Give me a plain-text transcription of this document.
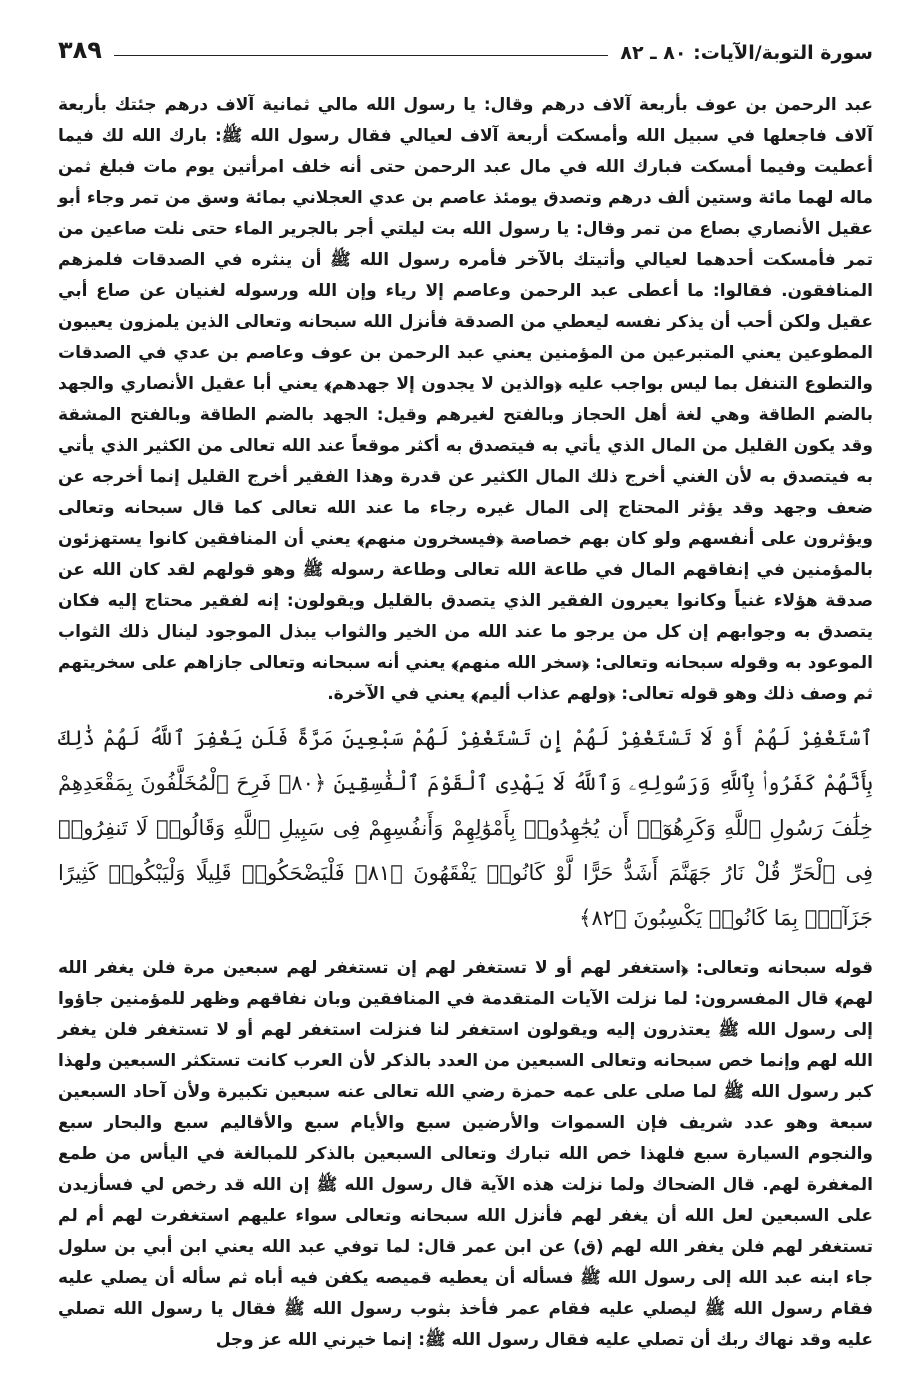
سورة التوبة/الآيات: ٨٠ ـ ٨٢
٣٨٩

عبد الرحمن بن عوف بأربعة آلاف درهم وقال: يا رسول الله مالي ثمانية آلاف درهم جئتك بأربعة آلاف فاجعلها في سبيل الله وأمسكت أربعة آلاف لعيالي فقال رسول الله ﷺ: بارك الله لك فيما أعطيت وفيما أمسكت فبارك الله في مال عبد الرحمن حتى أنه خلف امرأتين يوم مات فبلغ ثمن ماله لهما مائة وستين ألف درهم وتصدق يومئذ عاصم بن عدي العجلاني بمائة وسق من تمر وجاء أبو عقيل الأنصاري بصاع من تمر وقال: يا رسول الله بت ليلتي أجر بالجرير الماء حتى نلت صاعين من تمر فأمسكت أحدهما لعيالي وأتيتك بالآخر فأمره رسول الله ﷺ أن ينثره في الصدقات فلمزهم المنافقون. فقالوا: ما أعطى عبد الرحمن وعاصم إلا رياء وإن الله ورسوله لغنيان عن صاع أبي عقيل ولكن أحب أن يذكر نفسه ليعطي من الصدقة فأنزل الله سبحانه وتعالى الذين يلمزون يعيبون المطوعين يعني المتبرعين من المؤمنين يعني عبد الرحمن بن عوف وعاصم بن عدي في الصدقات والتطوع التنفل بما ليس بواجب عليه ﴿والذين لا يجدون إلا جهدهم﴾ يعني أبا عقيل الأنصاري والجهد بالضم الطاقة وهي لغة أهل الحجاز وبالفتح لغيرهم وقيل: الجهد بالضم الطاقة وبالفتح المشقة وقد يكون القليل من المال الذي يأتي به فيتصدق به أكثر موقعاً عند الله تعالى من الكثير الذي يأتي به فيتصدق به لأن الغني أخرج ذلك المال الكثير عن قدرة وهذا الفقير أخرج القليل إنما أخرجه عن ضعف وجهد وقد يؤثر المحتاج إلى المال غيره رجاء ما عند الله تعالى كما قال سبحانه وتعالى ويؤثرون على أنفسهم ولو كان بهم خصاصة ﴿فيسخرون منهم﴾ يعني أن المنافقين كانوا يستهزئون بالمؤمنين في إنفاقهم المال في طاعة الله تعالى وطاعة رسوله ﷺ وهو قولهم لقد كان الله عن صدقة هؤلاء غنياً وكانوا يعيرون الفقير الذي يتصدق بالقليل ويقولون: إنه لفقير محتاج إليه فكان يتصدق به وجوابهم إن كل من يرجو ما عند الله من الخير والثواب يبذل الموجود لينال ذلك الثواب الموعود به وقوله سبحانه وتعالى: ﴿سخر الله منهم﴾ يعني أنه سبحانه وتعالى جازاهم على سخريتهم ثم وصف ذلك وهو قوله تعالى: ﴿ولهم عذاب أليم﴾ يعني في الآخرة.

ٱسْتَغْفِرْ لَهُمْ أَوْ لَا تَسْتَغْفِرْ لَهُمْ إِن تَسْتَغْفِرْ لَهُمْ سَبْعِينَ مَرَّةً فَلَن يَغْفِرَ ٱللَّهُ لَهُمْ ذَٰلِكَ بِأَنَّهُمْ كَفَرُوا۟ بِٱللَّهِ وَرَسُولِهِۦ وَٱللَّهُ لَا يَهْدِى ٱلْقَوْمَ ٱلْفَٰسِقِينَ ﴿٨٠﴾ فَرِحَ ٱلْمُخَلَّفُونَ بِمَقْعَدِهِمْ خِلَٰفَ رَسُولِ ٱللَّهِ وَكَرِهُوٓا۟ أَن يُجَٰهِدُوا۟ بِأَمْوَٰلِهِمْ وَأَنفُسِهِمْ فِى سَبِيلِ ٱللَّهِ وَقَالُوا۟ لَا تَنفِرُوا۟ فِى ٱلْحَرِّ قُلْ نَارُ جَهَنَّمَ أَشَدُّ حَرًّا لَّوْ كَانُوا۟ يَفْقَهُونَ ﴿٨١﴾ فَلْيَضْحَكُوا۟ قَلِيلًا وَلْيَبْكُوا۟ كَثِيرًا جَزَآءًۢ بِمَا كَانُوا۟ يَكْسِبُونَ ﴿٨٢﴾

قوله سبحانه وتعالى: ﴿استغفر لهم أو لا تستغفر لهم إن تستغفر لهم سبعين مرة فلن يغفر الله لهم﴾ قال المفسرون: لما نزلت الآيات المتقدمة في المنافقين وبان نفاقهم وظهر للمؤمنين جاؤوا إلى رسول الله ﷺ يعتذرون إليه ويقولون استغفر لنا فنزلت استغفر لهم أو لا تستغفر فلن يغفر الله لهم وإنما خص سبحانه وتعالى السبعين من العدد بالذكر لأن العرب كانت تستكثر السبعين ولهذا كبر رسول الله ﷺ لما صلى على عمه حمزة رضي الله تعالى عنه سبعين تكبيرة ولأن آحاد السبعين سبعة وهو عدد شريف فإن السموات والأرضين سبع والأيام سبع والأقاليم سبع والبحار سبع والنجوم السيارة سبع فلهذا خص الله تبارك وتعالى السبعين بالذكر للمبالغة في اليأس من طمع المغفرة لهم. قال الضحاك ولما نزلت هذه الآية قال رسول الله ﷺ إن الله قد رخص لي فسأزيدن على السبعين لعل الله أن يغفر لهم فأنزل الله سبحانه وتعالى سواء عليهم استغفرت لهم أم لم تستغفر لهم فلن يغفر الله لهم (ق) عن ابن عمر قال: لما توفي عبد الله يعني ابن أبي بن سلول جاء ابنه عبد الله إلى رسول الله ﷺ فسأله أن يعطيه قميصه يكفن فيه أباه ثم سأله أن يصلي عليه فقام رسول الله ﷺ ليصلي عليه فقام عمر فأخذ بثوب رسول الله ﷺ فقال يا رسول الله تصلي عليه وقد نهاك ربك أن تصلي عليه فقال رسول الله ﷺ: إنما خيرني الله عز وجل
